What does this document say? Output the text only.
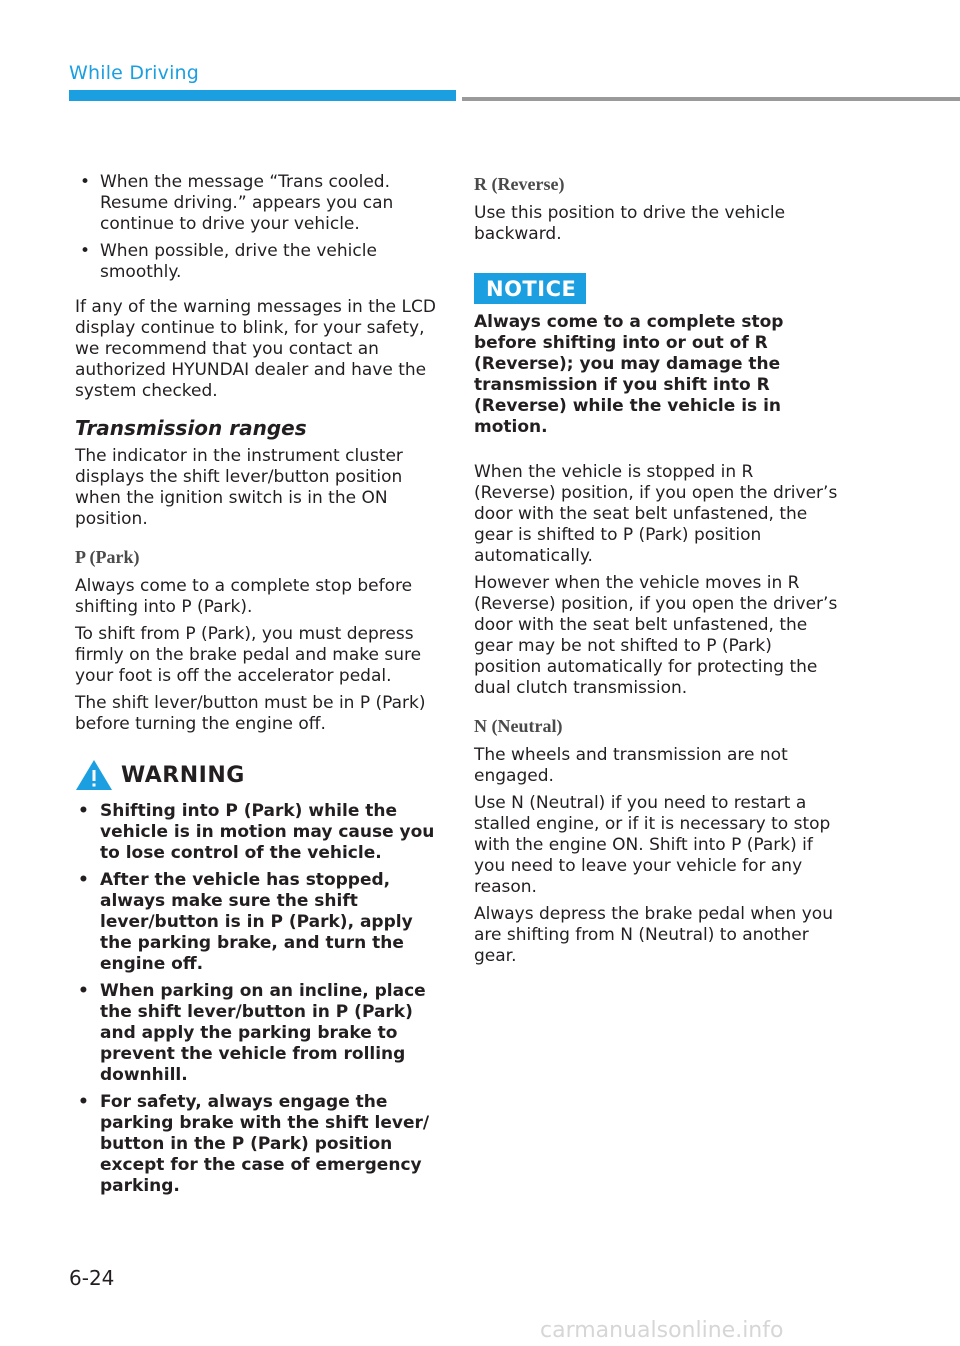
While Driving
• When the message “Trans cooled. Resume driving.” appears you can continue to drive your vehicle.
• When possible, drive the vehicle smoothly.

If any of the warning messages in the LCD display continue to blink, for your safety, we recommend that you contact an authorized HYUNDAI dealer and have the system checked.

Transmission ranges

The indicator in the instrument cluster displays the shift lever/button position when the ignition switch is in the ON position.

P (Park)

Always come to a complete stop before shifting into P (Park).

To shift from P (Park), you must depress firmly on the brake pedal and make sure your foot is off the accelerator pedal.

The shift lever/button must be in P (Park) before turning the engine off.

WARNING
• Shifting into P (Park) while the vehicle is in motion may cause you to lose control of the vehicle.
• After the vehicle has stopped, always make sure the shift lever/button is in P (Park), apply the parking brake, and turn the engine off.
• When parking on an incline, place the shift lever/button in P (Park) and apply the parking brake to prevent the vehicle from rolling downhill.
• For safety, always engage the parking brake with the shift lever/ button in the P (Park) position except for the case of emergency parking.
R (Reverse)

Use this position to drive the vehicle backward.

NOTICE

Always come to a complete stop before shifting into or out of R (Reverse); you may damage the transmission if you shift into R (Reverse) while the vehicle is in motion.

When the vehicle is stopped in R (Reverse) position, if you open the driver’s door with the seat belt unfastened, the gear is shifted to P (Park) position automatically.

However when the vehicle moves in R (Reverse) position, if you open the driver’s door with the seat belt unfastened, the gear may be not shifted to P (Park) position automatically for protecting the dual clutch transmission.

N (Neutral)

The wheels and transmission are not engaged.

Use N (Neutral) if you need to restart a stalled engine, or if it is necessary to stop with the engine ON. Shift into P (Park) if you need to leave your vehicle for any reason.

Always depress the brake pedal when you are shifting from N (Neutral) to another gear.

6-24
carmanualsonline.info
